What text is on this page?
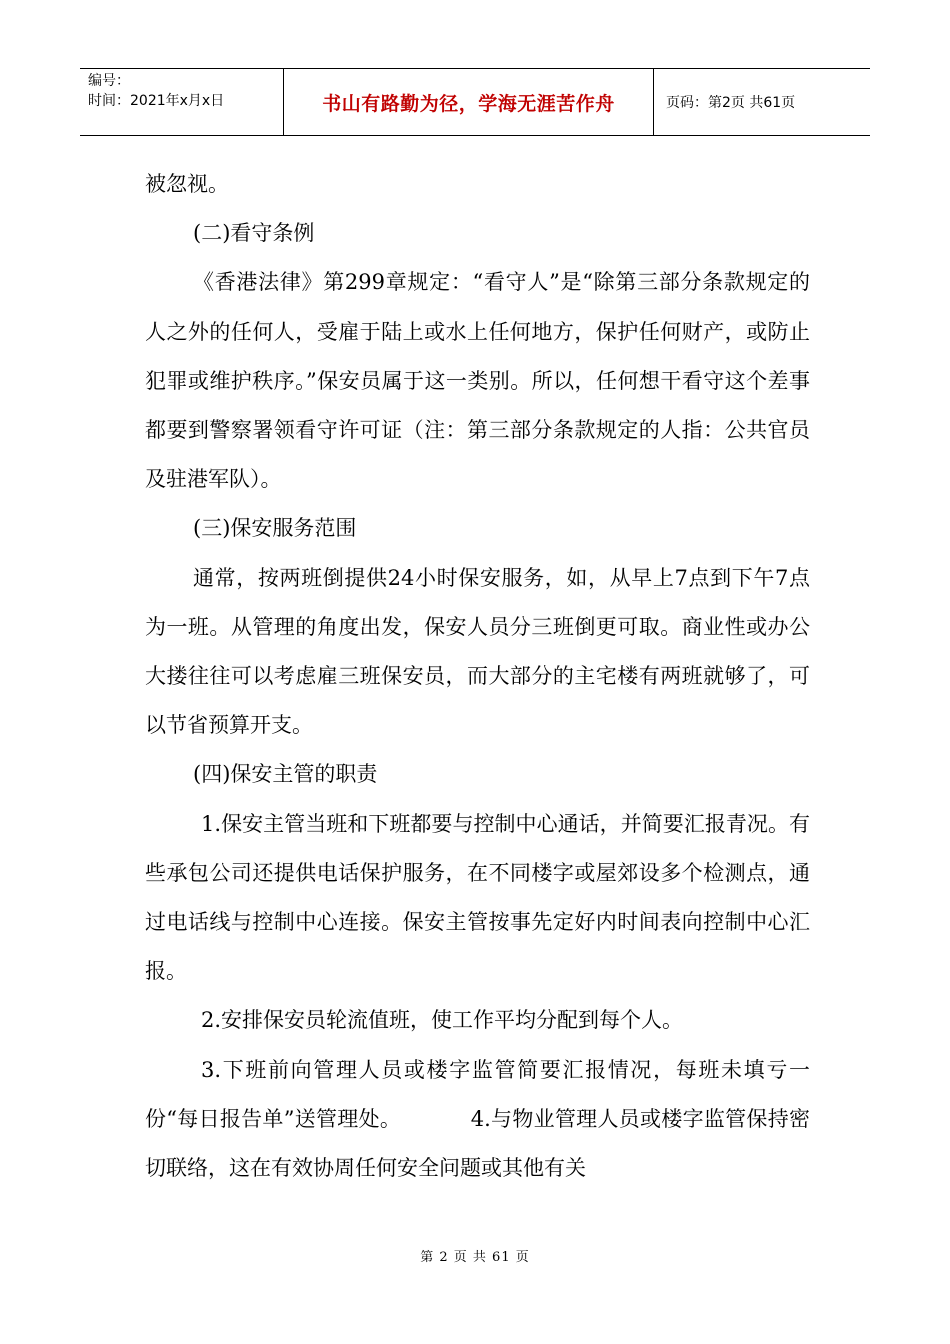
编号：
时间：2021年x月x日	书山有路勤为径，学海无涯苦作舟	页码：第2页 共61页

被忽视。

(二)看守条例

《香港法律》第299章规定：“看守人”是“除第三部分条款规定的人之外的任何人，受雇于陆上或水上任何地方，保护任何财产，或防止犯罪或维护秩序。”保安员属于这一类别。所以，任何想干看守这个差事都要到警察署领看守许可证（注：第三部分条款规定的人指：公共官员及驻港军队）。

(三)保安服务范围

通常，按两班倒提供24小时保安服务，如，从早上7点到下午7点为一班。从管理的角度出发，保安人员分三班倒更可取。商业性或办公大搂往往可以考虑雇三班保安员，而大部分的主宅楼有两班就够了，可以节省预算开支。

(四)保安主管的职责

1.保安主管当班和下班都要与控制中心通话，并简要汇报青况。有些承包公司还提供电话保护服务，在不同楼字或屋郊设多个检测点，通过电话线与控制中心连接。保安主管按事先定好内时间表向控制中心汇报。

2.安排保安员轮流值班，使工作平均分配到每个人。

3.下班前向管理人员或楼字监管简要汇报情况，每班未填亏一份“每日报告单”送管理处。          4.与物业管理人员或楼字监管保持密切联络，这在有效协周任何安全问题或其他有关

第 2 页 共 61 页
